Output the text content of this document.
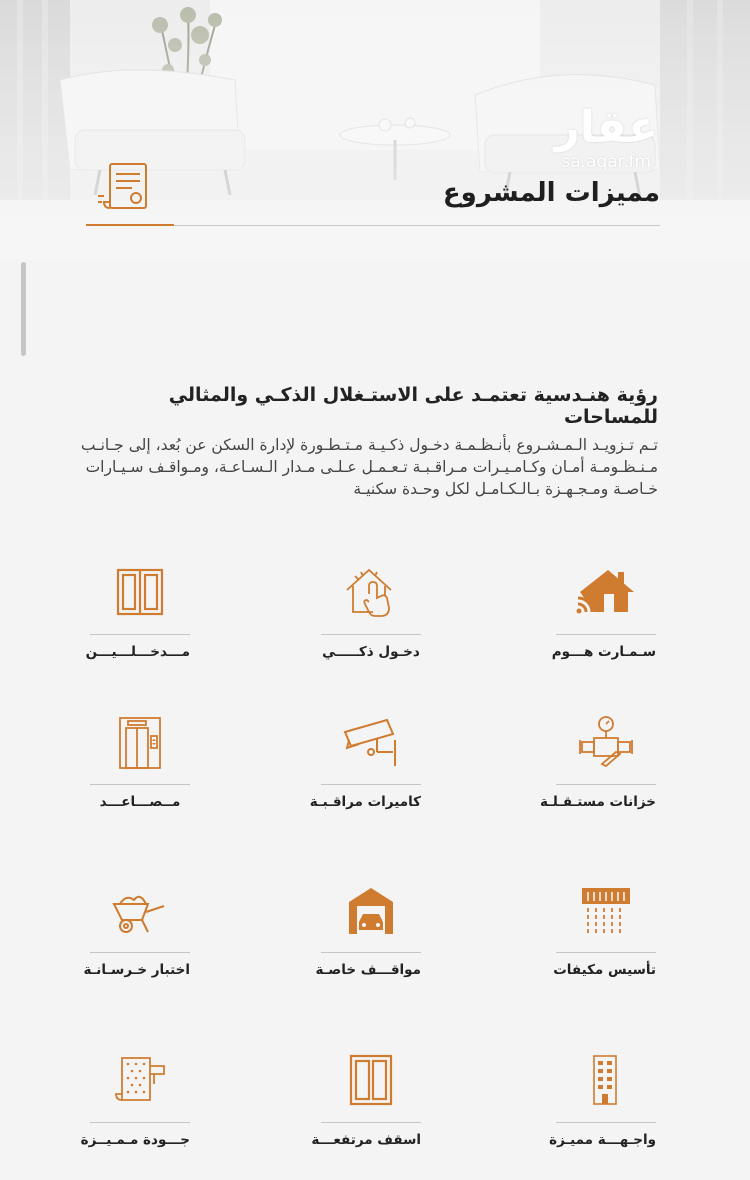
عقار
sa.aqar.fm
مميزات المشروع
رؤية هنـدسية تعتمـد على الاستـغلال الذكـي والمثالي للمساحات

تـم تـزويـد الـمـشـروع بأنـظـمـة دخـول ذكـيـة مـتـطـورة لإدارة السكن عن بُعد، إلى جـانـب مـنـظـومـة أمـان وكـامـيـرات مـراقـبـة تـعـمـل عـلـى مـدار الـسـاعـة، ومـواقـف سـيـارات خـاصـة ومـجـهـزة بـالـكـامـل لكل وحـدة سكنيـة

سـمـارت هـــوم
دخـول ذكـــــي
مـــدخـــلـــيـــن
خزانات مستـقـلـة
كاميرات مراقـبـة
مــصـــاعـــد
تأسيس مكيفات
مواقـــف خاصـة
اختبار خـرسـانـة
واجـهـــة مميـزة
اسقف مرتفعـــة
جـــودة مـمـيــزة
